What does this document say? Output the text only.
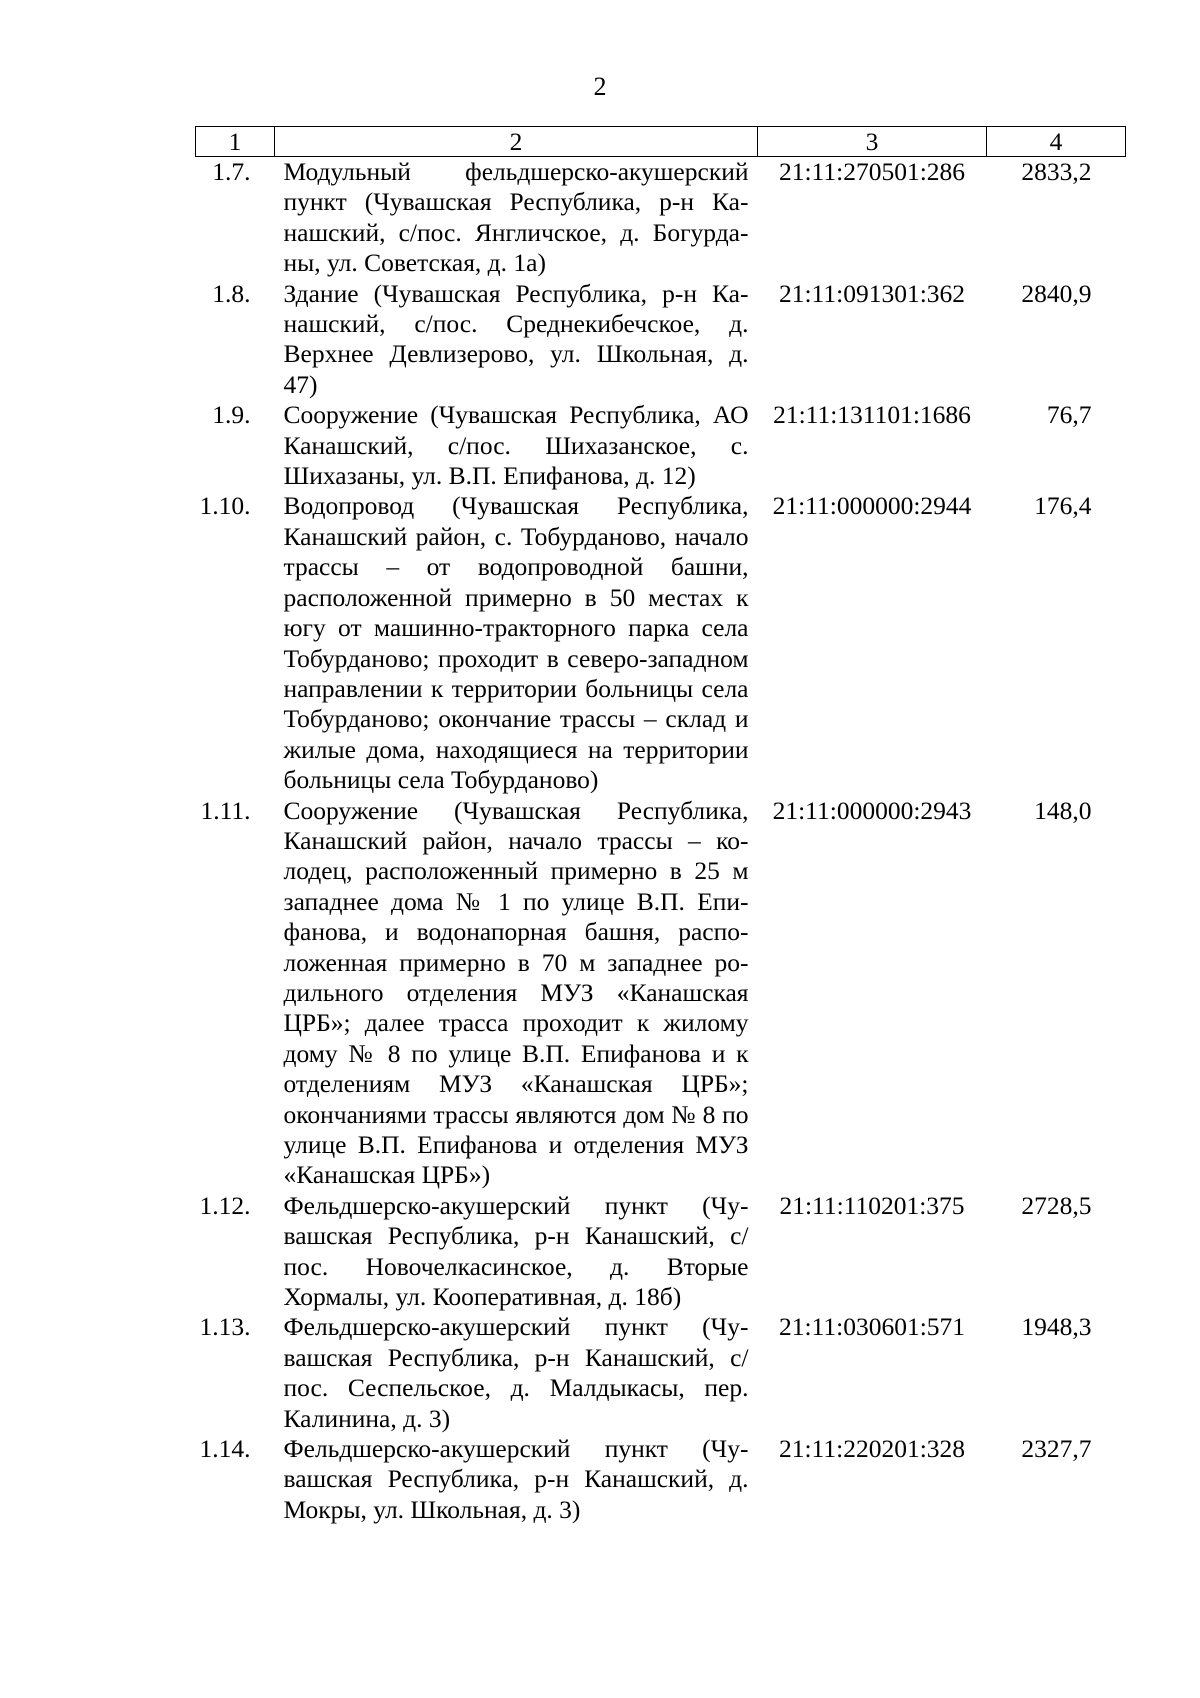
2
1	2	3	4
1.7.	Модульный фельдшерско-акушерский пункт (Чувашская Республика, р-н Канашский, с/пос. Янгличское, д. Богурданы, ул. Советская, д. 1а)	21:11:270501:286	2833,2
1.8.	Здание (Чувашская Республика, р-н Канашский, с/пос. Среднекибечское, д. Верхнее Девлизерово, ул. Школьная, д. 47)	21:11:091301:362	2840,9
1.9.	Сооружение (Чувашская Республика, АО Канашский, с/пос. Шихазанское, с. Шихазаны, ул. В.П. Епифанова, д. 12)	21:11:131101:1686	76,7
1.10.	Водопровод (Чувашская Республика, Канашский район, с. Тобурданово, начало трассы – от водопроводной башни, расположенной примерно в 50 местах к югу от машинно-тракторного парка села Тобурданово; проходит в северо-западном направлении к территории больницы села Тобурданово; окончание трассы – склад и жилые дома, находящиеся на территории больницы села Тобурданово)	21:11:000000:2944	176,4
1.11.	Сооружение (Чувашская Республика, Канашский район, начало трассы – колодец, расположенный примерно в 25 м западнее дома № 1 по улице В.П. Епифанова, и водонапорная башня, расположенная примерно в 70 м западнее родильного отделения МУЗ «Канашская ЦРБ»; далее трасса проходит к жилому дому № 8 по улице В.П. Епифанова и к отделениям МУЗ «Канашская ЦРБ»; окончаниями трассы являются дом № 8 по улице В.П. Епифанова и отделения МУЗ «Канашская ЦРБ»)	21:11:000000:2943	148,0
1.12.	Фельдшерско-акушерский пункт (Чувашская Республика, р-н Канашский, с/пос. Новочелкасинское, д. Вторые Хормалы, ул. Кооперативная, д. 18б)	21:11:110201:375	2728,5
1.13.	Фельдшерско-акушерский пункт (Чувашская Республика, р-н Канашский, с/пос. Сеспельское, д. Малдыкасы, пер. Калинина, д. 3)	21:11:030601:571	1948,3
1.14.	Фельдшерско-акушерский пункт (Чувашская Республика, р-н Канашский, д. Мокры, ул. Школьная, д. 3)	21:11:220201:328	2327,7
